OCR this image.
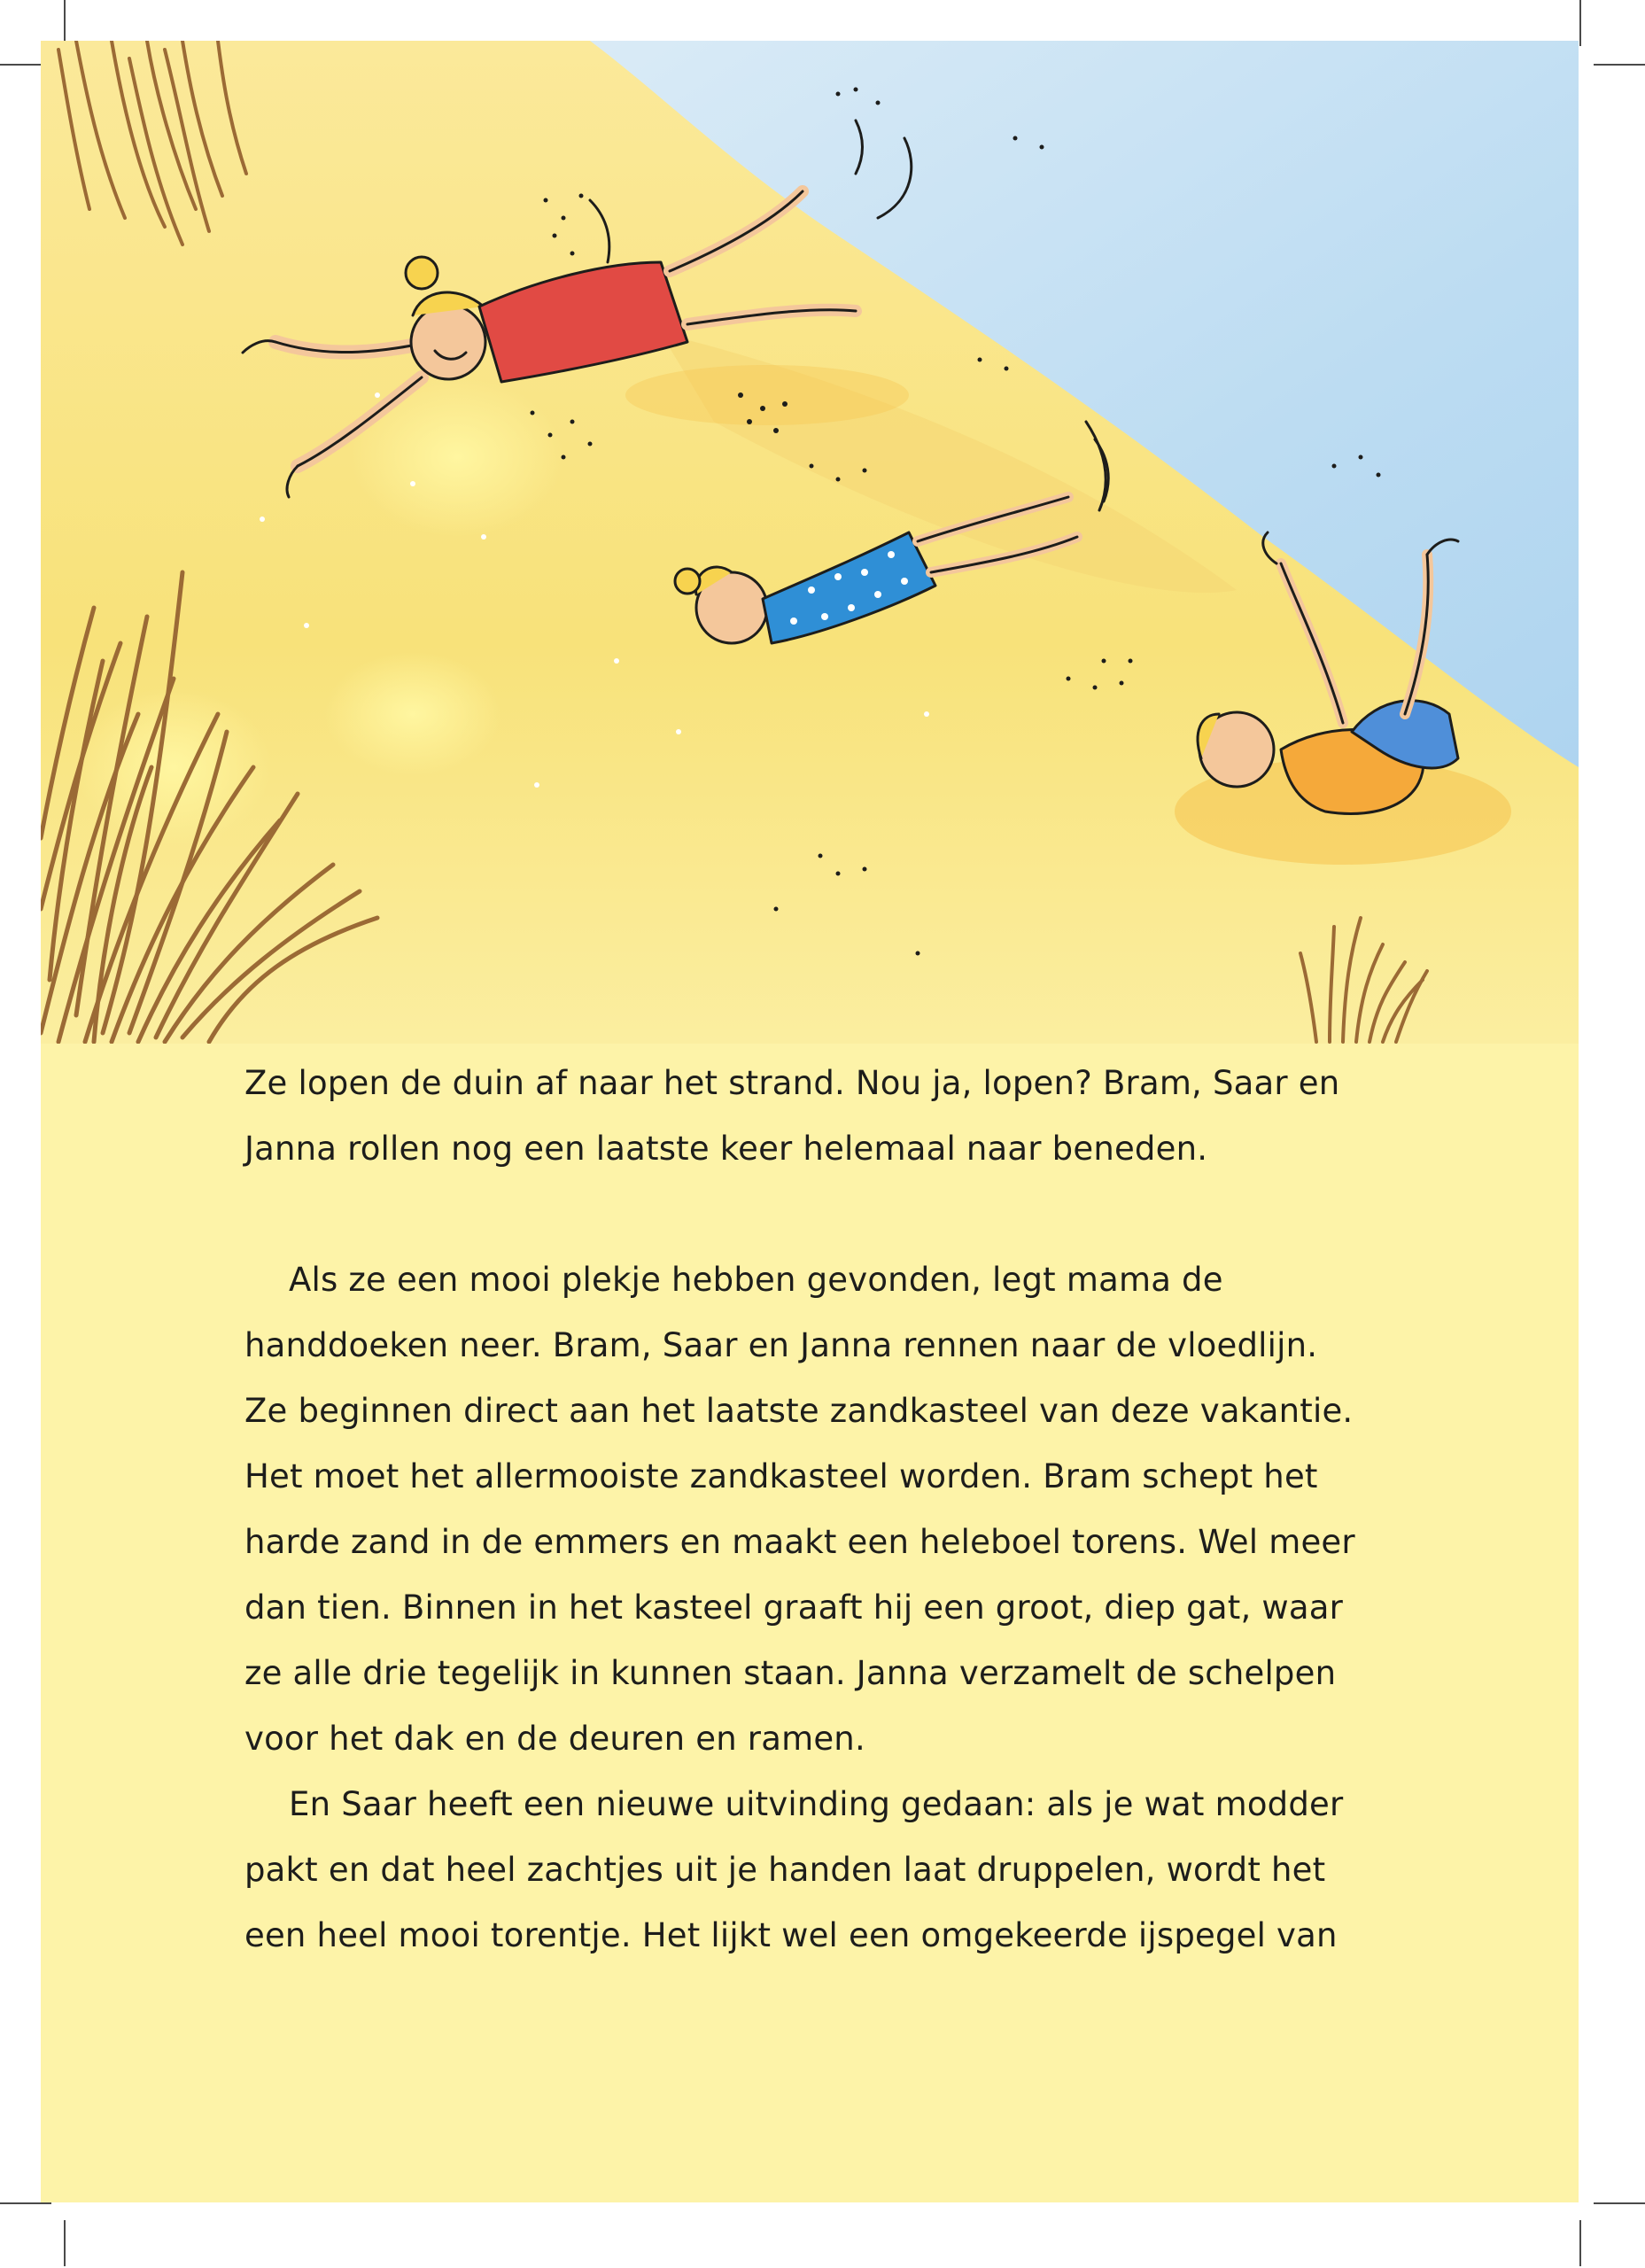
Ze lopen de duin af naar het strand. Nou ja, lopen? Bram, Saar en
Janna rollen nog een laatste keer helemaal naar beneden.

Als ze een mooi plekje hebben gevonden, legt mama de
handdoeken neer. Bram, Saar en Janna rennen naar de vloedlijn.
Ze beginnen direct aan het laatste zandkasteel van deze vakantie.
Het moet het allermooiste zandkasteel worden. Bram schept het
harde zand in de emmers en maakt een heleboel torens. Wel meer
dan tien. Binnen in het kasteel graaft hij een groot, diep gat, waar
ze alle drie tegelijk in kunnen staan. Janna verzamelt de schelpen
voor het dak en de deuren en ramen.

En Saar heeft een nieuwe uitvinding gedaan: als je wat modder
pakt en dat heel zachtjes uit je handen laat druppelen, wordt het
een heel mooi torentje. Het lijkt wel een omgekeerde ijspegel van
